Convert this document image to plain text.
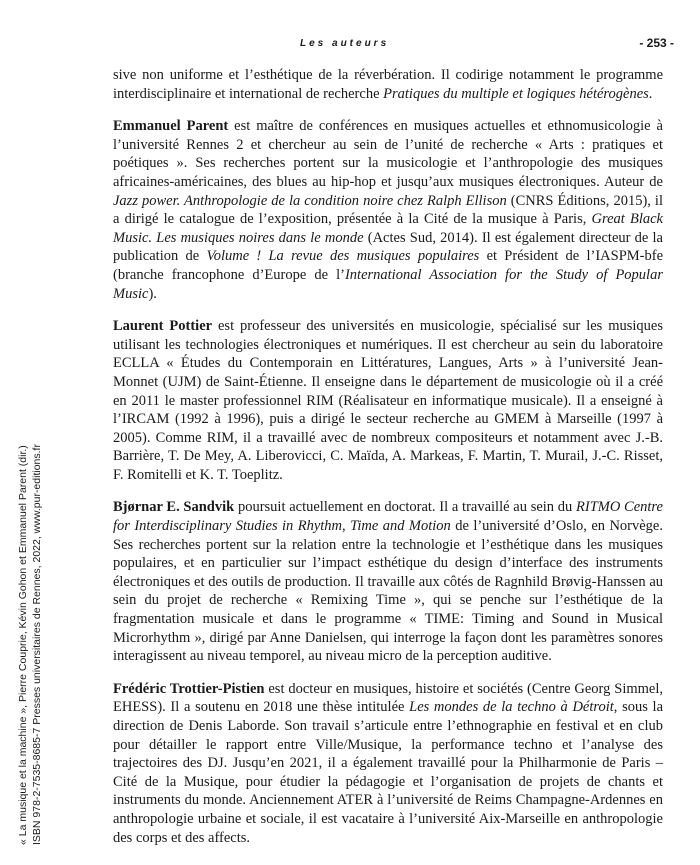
Les auteurs	- 253 -

sive non uniforme et l’esthétique de la réverbération. Il codirige notamment le programme interdisciplinaire et international de recherche Pratiques du multiple et logiques hétérogènes.

Emmanuel Parent est maître de conférences en musiques actuelles et ethnomusicologie à l’université Rennes 2 et chercheur au sein de l’unité de recherche « Arts : pratiques et poétiques ». Ses recherches portent sur la musicologie et l’anthropologie des musiques africaines-américaines, des blues au hip-hop et jusqu’aux musiques électroniques. Auteur de Jazz power. Anthropologie de la condition noire chez Ralph Ellison (CNRS Éditions, 2015), il a dirigé le catalogue de l’exposition, présentée à la Cité de la musique à Paris, Great Black Music. Les musiques noires dans le monde (Actes Sud, 2014). Il est également directeur de la publication de Volume ! La revue des musiques populaires et Président de l’IASPM-bfe (branche francophone d’Europe de l’International Association for the Study of Popular Music).

Laurent Pottier est professeur des universités en musicologie, spécialisé sur les musiques utilisant les technologies électroniques et numériques. Il est chercheur au sein du laboratoire ECLLA « Études du Contemporain en Littératures, Langues, Arts » à l’université Jean-Monnet (UJM) de Saint-Étienne. Il enseigne dans le département de musicologie où il a créé en 2011 le master professionnel RIM (Réalisateur en informatique musicale). Il a enseigné à l’IRCAM (1992 à 1996), puis a dirigé le secteur recherche au GMEM à Marseille (1997 à 2005). Comme RIM, il a travaillé avec de nombreux compositeurs et notamment avec J.-B. Barrière, T. De Mey, A. Liberovicci, C. Maïda, A. Markeas, F. Martin, T. Murail, J.-C. Risset, F. Romitelli et K. T. Toeplitz.

Bjørnar E. Sandvik poursuit actuellement en doctorat. Il a travaillé au sein du RITMO Centre for Interdisciplinary Studies in Rhythm, Time and Motion de l’université d’Oslo, en Norvège. Ses recherches portent sur la relation entre la technologie et l’esthétique dans les musiques populaires, et en particulier sur l’impact esthétique du design d’interface des instruments électroniques et des outils de production. Il travaille aux côtés de Ragnhild Brøvig-Hanssen au sein du projet de recherche « Remixing Time », qui se penche sur l’esthétique de la fragmentation musicale et dans le programme « TIME: Timing and Sound in Musical Microrhythm », dirigé par Anne Danielsen, qui interroge la façon dont les paramètres sonores interagissent au niveau temporel, au niveau micro de la perception auditive.

Frédéric Trottier-Pistien est docteur en musiques, histoire et sociétés (Centre Georg Simmel, EHESS). Il a soutenu en 2018 une thèse intitulée Les mondes de la techno à Détroit, sous la direction de Denis Laborde. Son travail s’articule entre l’ethnographie en festival et en club pour détailler le rapport entre Ville/Musique, la performance techno et l’analyse des trajectoires des DJ. Jusqu’en 2021, il a également travaillé pour la Philharmonie de Paris – Cité de la Musique, pour étudier la pédagogie et l’organisation de projets de chants et instruments du monde. Anciennement ATER à l’université de Reims Champagne-Ardennes en anthropologie urbaine et sociale, il est vacataire à l’université Aix-Marseille en anthropologie des corps et des affects.

« La musique et la machine », Pierre Couprie, Kévin Gohon et Emmanuel Parent (dir.) ISBN 978-2-7535-8685-7 Presses universitaires de Rennes, 2022, www.pur-editions.fr
